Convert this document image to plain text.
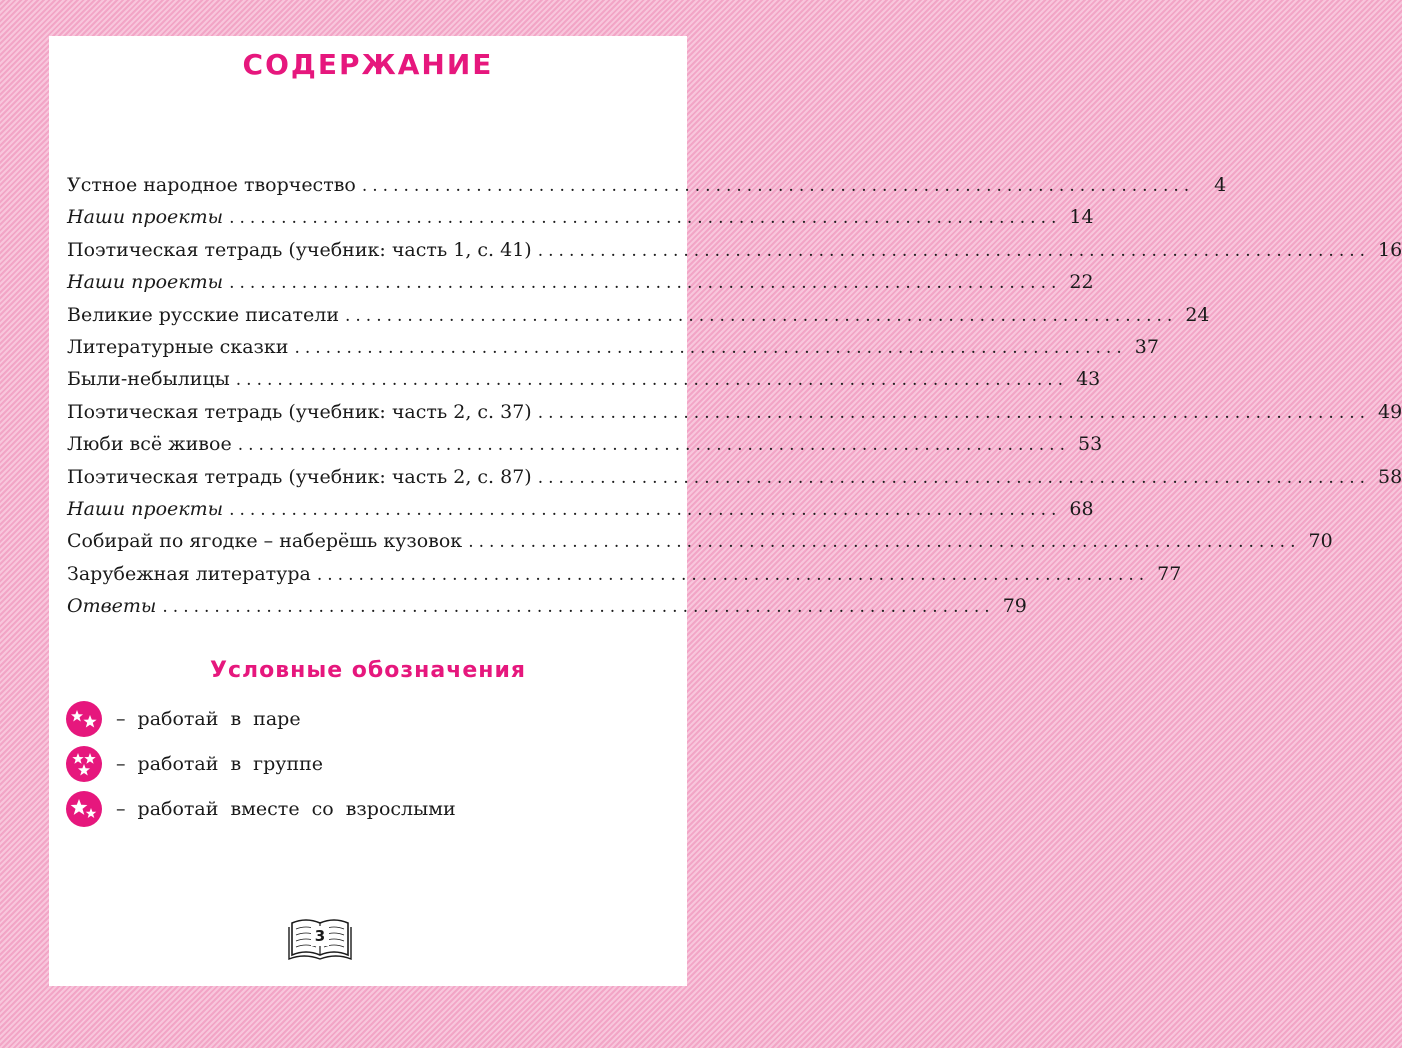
СОДЕРЖАНИЕ
Устное народное творчество ................................................................................	4
Наши проекты ................................................................................ 14
Поэтическая тетрадь (учебник: часть 1, с. 41) ................................................................................ 16
Наши проекты ................................................................................ 22
Великие русские писатели ................................................................................ 24
Литературные сказки ................................................................................ 37
Были-небылицы ................................................................................ 43
Поэтическая тетрадь (учебник: часть 2, с. 37) ................................................................................ 49
Люби всё живое ................................................................................ 53
Поэтическая тетрадь (учебник: часть 2, с. 87) ................................................................................ 58
Наши проекты ................................................................................ 68
Собирай по ягодке – наберёшь кузовок ................................................................................ 70
Зарубежная литература ................................................................................ 77
Ответы ................................................................................ 79
Условные обозначения
– работай в паре
– работай в группе
– работай вместе со взрослыми
3
